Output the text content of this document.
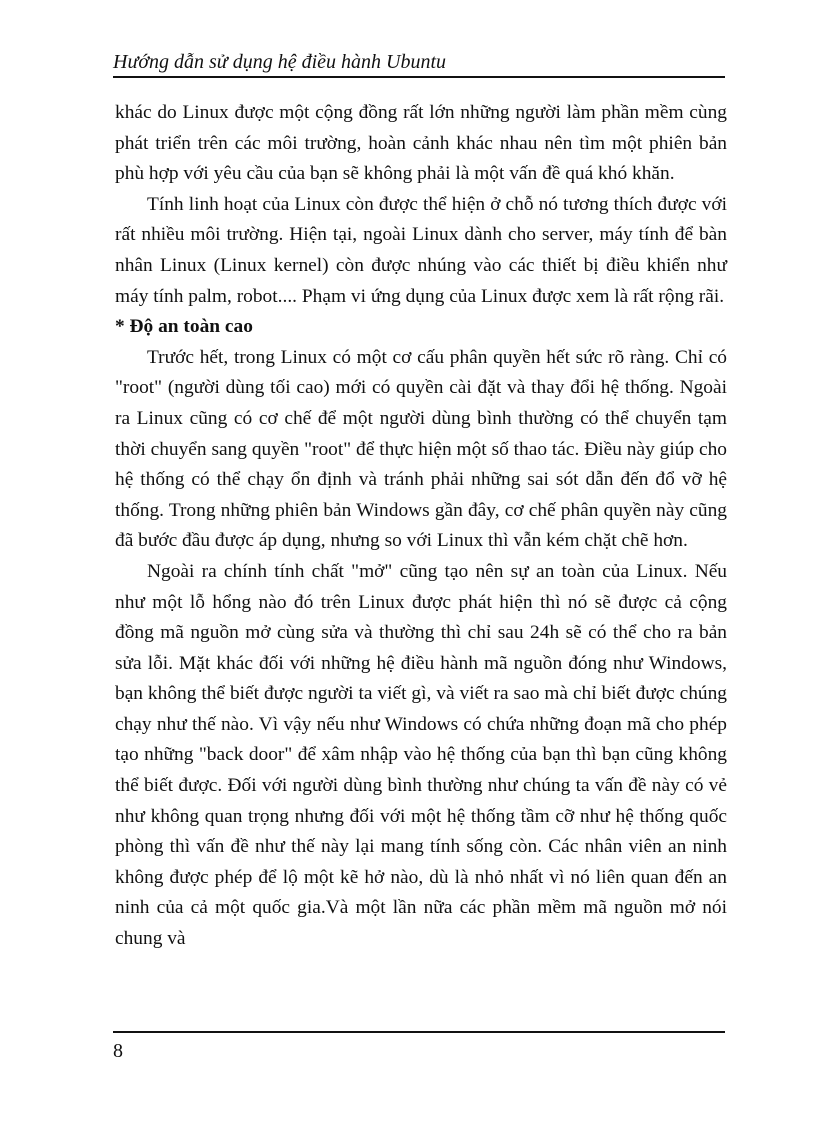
Hướng dẫn sử dụng hệ điều hành Ubuntu

khác do Linux được một cộng đồng rất lớn những người làm phần mềm cùng phát triển trên các môi trường, hoàn cảnh khác nhau nên tìm một phiên bản phù hợp với yêu cầu của bạn sẽ không phải là một vấn đề quá khó khăn.

Tính linh hoạt của Linux còn được thể hiện ở chỗ nó tương thích được với rất nhiều môi trường. Hiện tại, ngoài Linux dành cho server, máy tính để bàn nhân Linux (Linux kernel) còn được nhúng vào các thiết bị điều khiển như máy tính palm, robot.... Phạm vi ứng dụng của Linux được xem là rất rộng rãi.

* Độ an toàn cao

Trước hết, trong Linux có một cơ cấu phân quyền hết sức rõ ràng. Chỉ có "root" (người dùng tối cao) mới có quyền cài đặt và thay đổi hệ thống. Ngoài ra Linux cũng có cơ chế để một người dùng bình thường có thể chuyển tạm thời chuyển sang quyền "root" để thực hiện một số thao tác. Điều này giúp cho hệ thống có thể chạy ổn định và tránh phải những sai sót dẫn đến đổ vỡ hệ thống. Trong những phiên bản Windows gần đây, cơ chế phân quyền này cũng đã bước đầu được áp dụng, nhưng so với Linux thì vẫn kém chặt chẽ hơn.

Ngoài ra chính tính chất "mở" cũng tạo nên sự an toàn của Linux. Nếu như một lỗ hổng nào đó trên Linux được phát hiện thì nó sẽ được cả cộng đồng mã nguồn mở cùng sửa và thường thì chỉ sau 24h sẽ có thể cho ra bản sửa lỗi. Mặt khác đối với những hệ điều hành mã nguồn đóng như Windows, bạn không thể biết được người ta viết gì, và viết ra sao mà chỉ biết được chúng chạy như thế nào. Vì vậy nếu như Windows có chứa những đoạn mã cho phép tạo những "back door" để xâm nhập vào hệ thống của bạn thì bạn cũng không thể biết được. Đối với người dùng bình thường như chúng ta vấn đề này có vẻ như không quan trọng nhưng đối với một hệ thống tầm cỡ như hệ thống quốc phòng thì vấn đề như thế này lại mang tính sống còn. Các nhân viên an ninh không được phép để lộ một kẽ hở nào, dù là nhỏ nhất vì nó liên quan đến an ninh của cả một quốc gia.Và một lần nữa các phần mềm mã nguồn mở nói chung và

8
